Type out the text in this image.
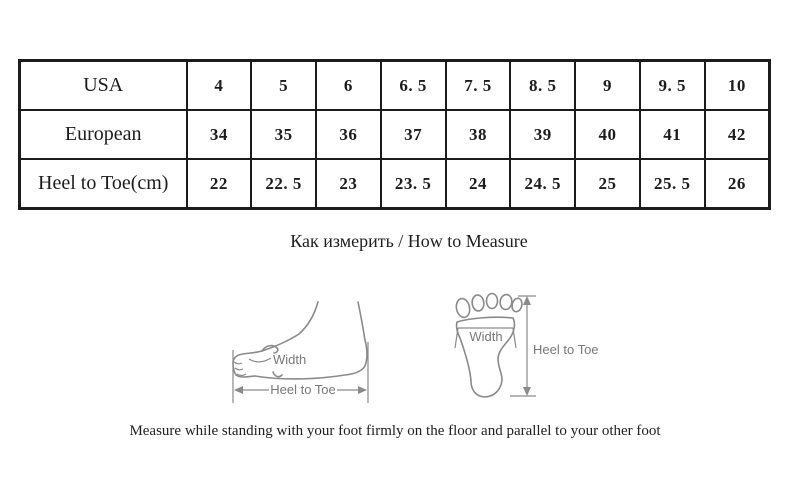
USA	4	5	6	6. 5	7. 5	8. 5	9	9. 5	10
European	34	35	36	37	38	39	40	41	42
Heel to Toe(cm)	22	22. 5	23	23. 5	24	24. 5	25	25. 5	26
Как измерить / How to Measure
Width
Heel to Toe
Width
Heel to Toe
Measure while standing with your foot firmly on the floor and parallel to your other foot
